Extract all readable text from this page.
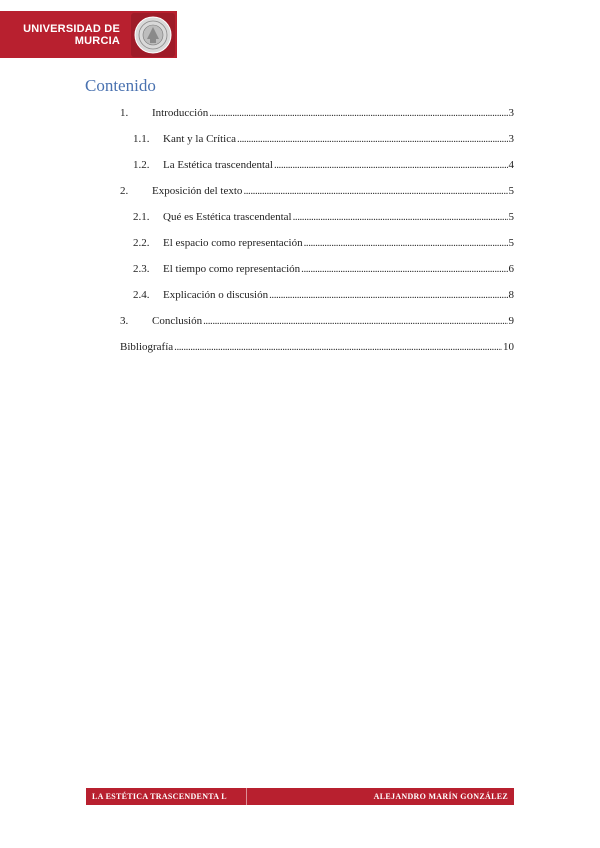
UNIVERSIDAD DE
MURCIA
Contenido
1.	Introducción . . .	3
1.1.	Kant y la Crítica . . .	3
1.2.	La Estética trascendental . . .	4
2.	Exposición del texto . . .	5
2.1.	Qué es Estética trascendental . . .	5
2.2.	El espacio como representación . . .	5
2.3.	El tiempo como representación . . .	6
2.4.	Explicación o discusión . . .	8
3.	Conclusión . . .	9
Bibliografía . . .	10
LA ESTÉTICA TRASCENDENTA L	ALEJANDRO MARÍN GONZÁLEZ
